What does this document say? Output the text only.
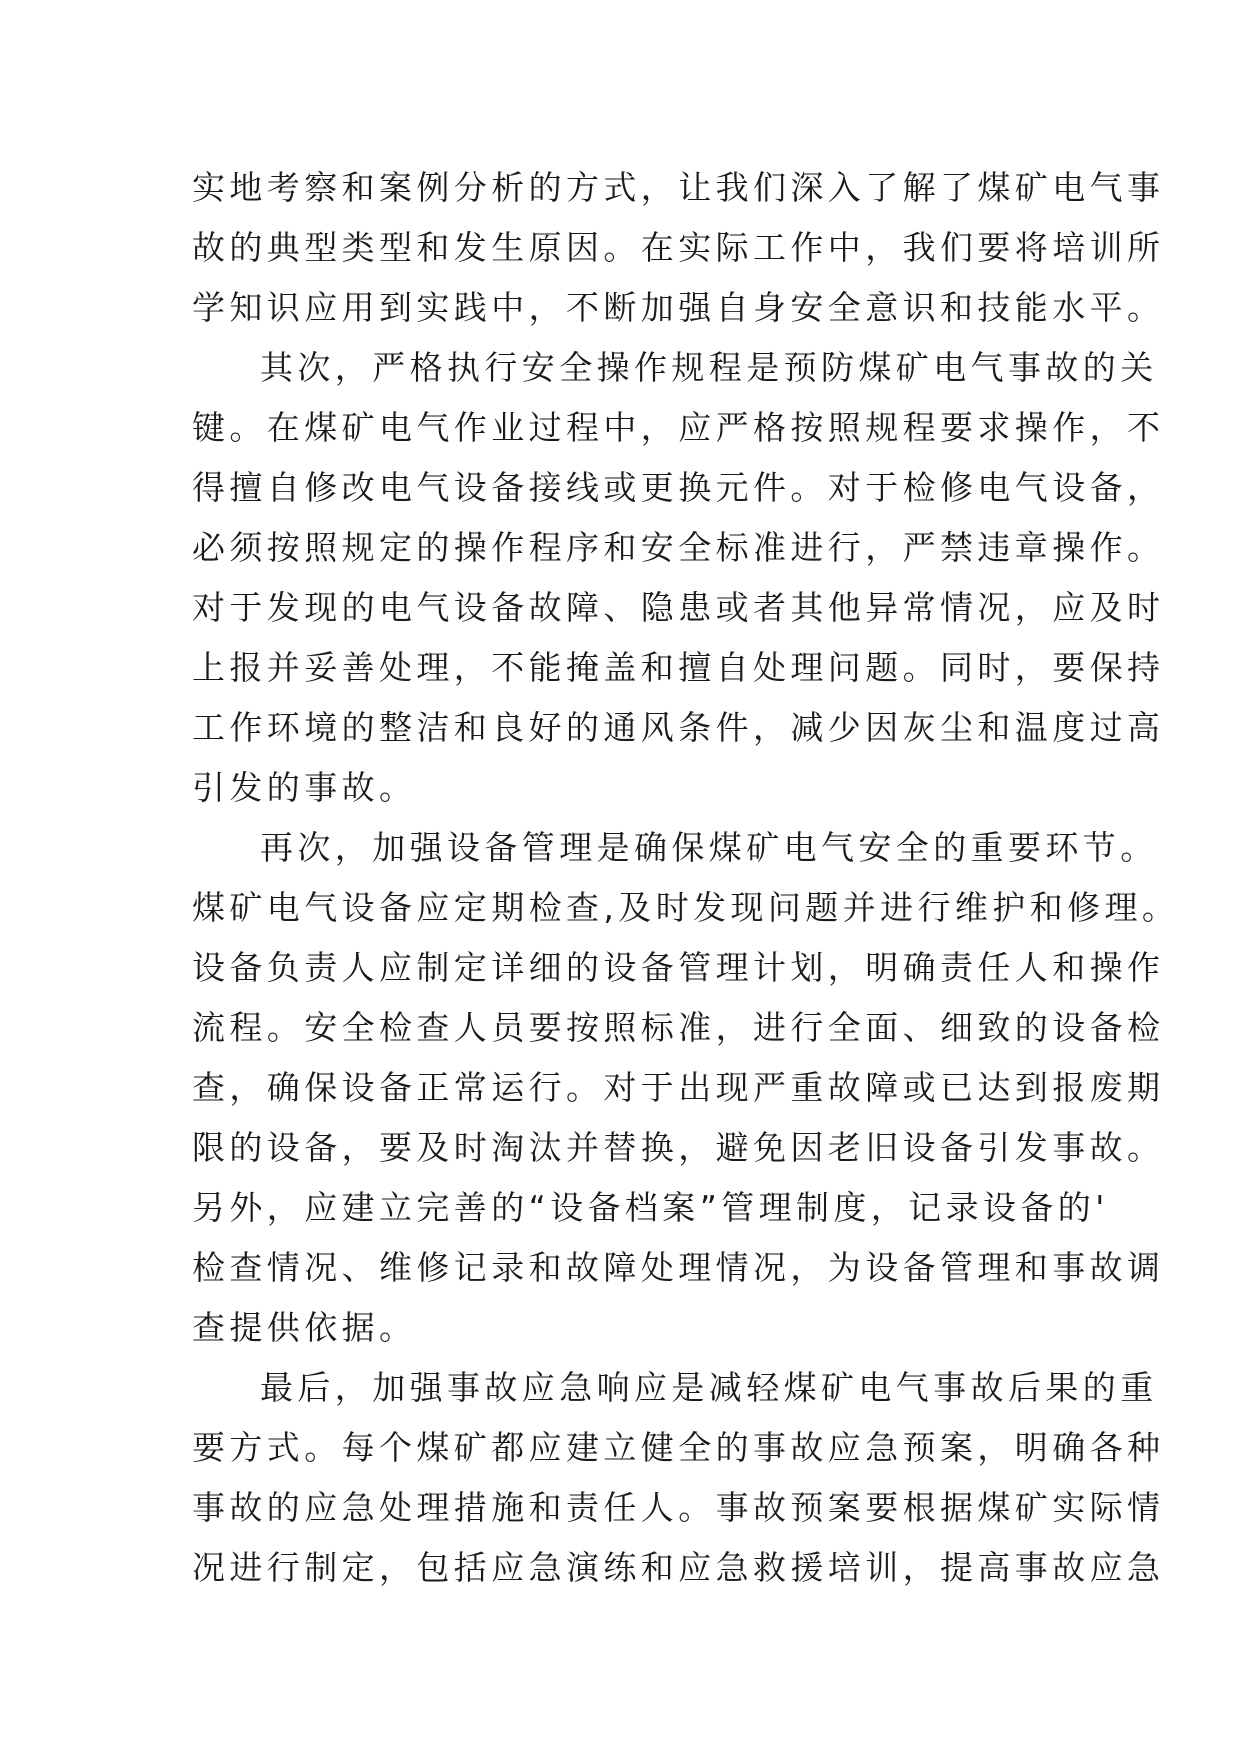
实地考察和案例分析的方式，让我们深入了解了煤矿电气事
故的典型类型和发生原因。在实际工作中，我们要将培训所
学知识应用到实践中，不断加强自身安全意识和技能水平。
其次，严格执行安全操作规程是预防煤矿电气事故的关
键。在煤矿电气作业过程中，应严格按照规程要求操作，不
得擅自修改电气设备接线或更换元件。对于检修电气设备，
必须按照规定的操作程序和安全标准进行，严禁违章操作。
对于发现的电气设备故障、隐患或者其他异常情况，应及时
上报并妥善处理，不能掩盖和擅自处理问题。同时，要保持
工作环境的整洁和良好的通风条件，减少因灰尘和温度过高
引发的事故。
再次，加强设备管理是确保煤矿电气安全的重要环节。
煤矿电气设备应定期检查,及时发现问题并进行维护和修理。
设备负责人应制定详细的设备管理计划，明确责任人和操作
流程。安全检查人员要按照标准，进行全面、细致的设备检
查，确保设备正常运行。对于出现严重故障或已达到报废期
限的设备，要及时淘汰并替换，避免因老旧设备引发事故。
另外，应建立完善的“设备档案”管理制度，记录设备的'
检查情况、维修记录和故障处理情况，为设备管理和事故调
查提供依据。
最后，加强事故应急响应是减轻煤矿电气事故后果的重
要方式。每个煤矿都应建立健全的事故应急预案，明确各种
事故的应急处理措施和责任人。事故预案要根据煤矿实际情
况进行制定，包括应急演练和应急救援培训，提高事故应急
